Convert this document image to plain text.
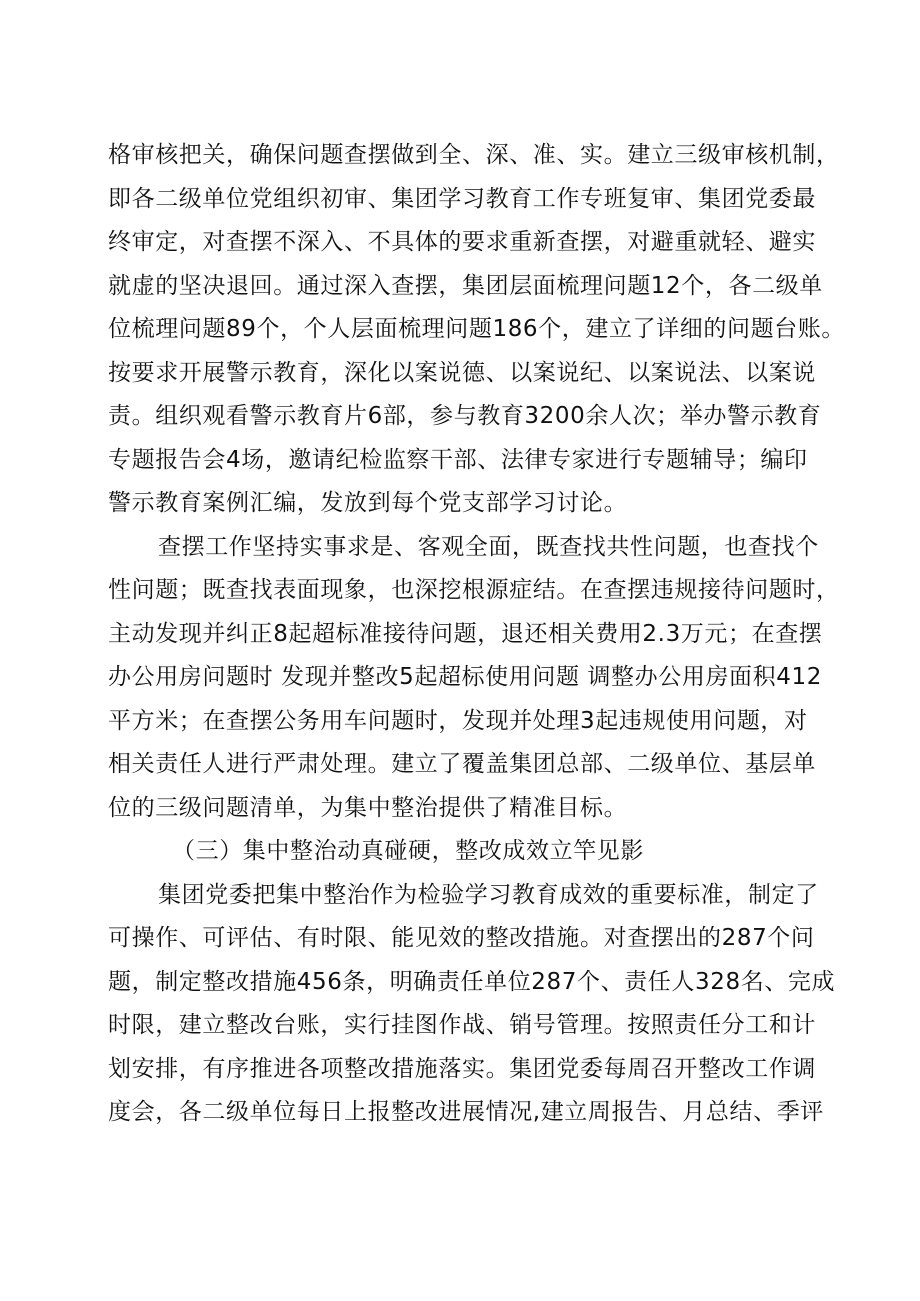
格审核把关，确保问题查摆做到全、深、准、实。建立三级审核机制，
即各二级单位党组织初审、集团学习教育工作专班复审、集团党委最
终审定，对查摆不深入、不具体的要求重新查摆，对避重就轻、避实
就虚的坚决退回。通过深入查摆，集团层面梳理问题12个，各二级单
位梳理问题89个，个人层面梳理问题186个，建立了详细的问题台账。
按要求开展警示教育，深化以案说德、以案说纪、以案说法、以案说
责。组织观看警示教育片6部，参与教育3200余人次；举办警示教育
专题报告会4场，邀请纪检监察干部、法律专家进行专题辅导；编印
警示教育案例汇编，发放到每个党支部学习讨论。
查摆工作坚持实事求是、客观全面，既查找共性问题，也查找个
性问题；既查找表面现象，也深挖根源症结。在查摆违规接待问题时，
主动发现并纠正8起超标准接待问题，退还相关费用2.3万元；在查摆
办公用房问题时 发现并整改5起超标使用问题 调整办公用房面积412
平方米；在查摆公务用车问题时，发现并处理3起违规使用问题，对
相关责任人进行严肃处理。建立了覆盖集团总部、二级单位、基层单
位的三级问题清单，为集中整治提供了精准目标。
（三）集中整治动真碰硬，整改成效立竿见影
集团党委把集中整治作为检验学习教育成效的重要标准，制定了
可操作、可评估、有时限、能见效的整改措施。对查摆出的287个问
题，制定整改措施456条，明确责任单位287个、责任人328名、完成
时限，建立整改台账，实行挂图作战、销号管理。按照责任分工和计
划安排，有序推进各项整改措施落实。集团党委每周召开整改工作调
度会，各二级单位每日上报整改进展情况,建立周报告、月总结、季评
